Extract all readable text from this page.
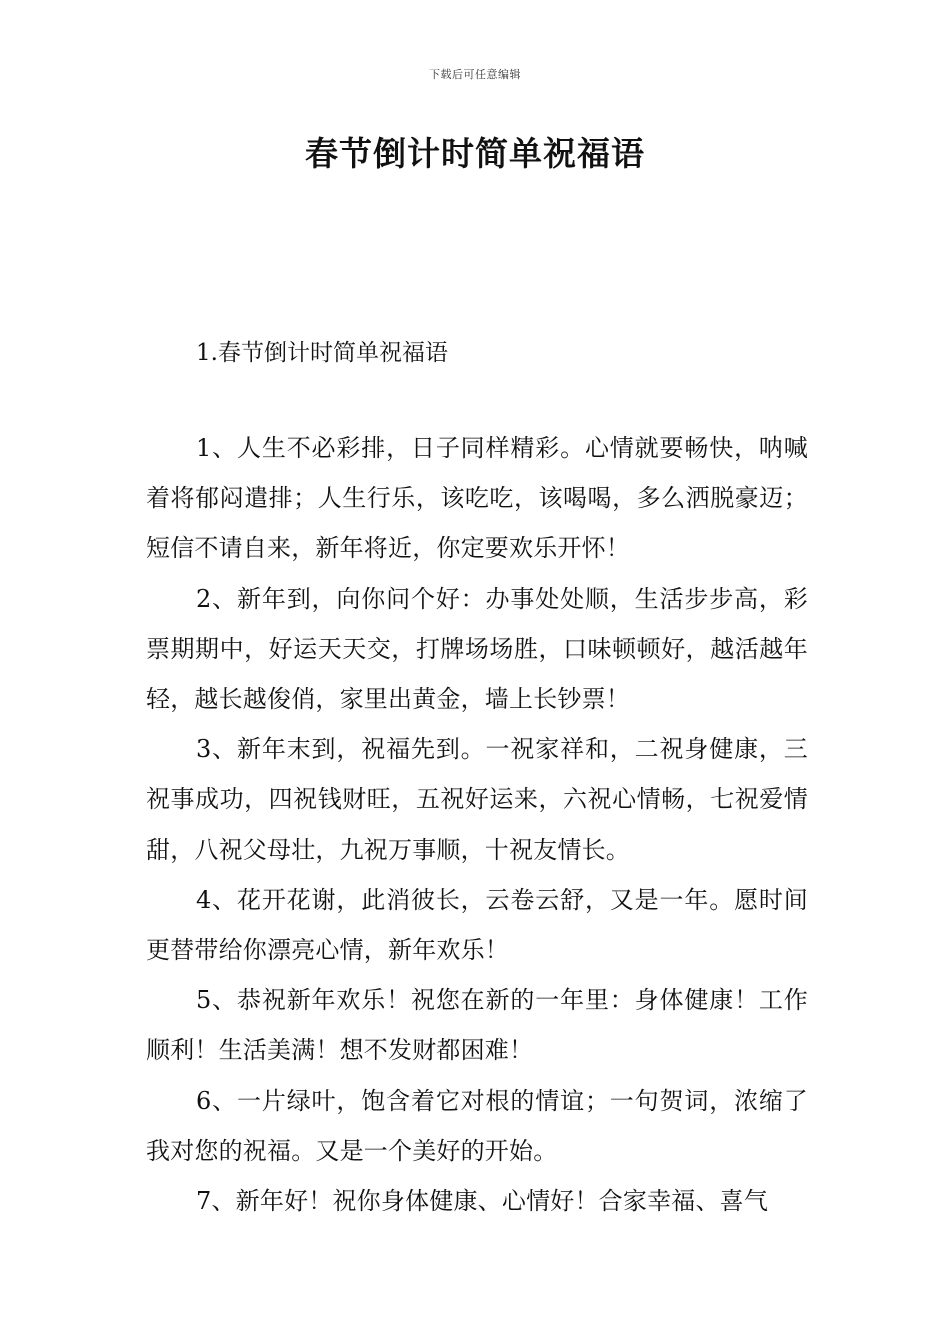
下载后可任意编辑
春节倒计时简单祝福语
1.春节倒计时简单祝福语

1、人生不必彩排，日子同样精彩。心情就要畅快，呐喊着将郁闷遣排；人生行乐，该吃吃，该喝喝，多么洒脱豪迈；短信不请自来，新年将近，你定要欢乐开怀！

2、新年到，向你问个好：办事处处顺，生活步步高，彩票期期中，好运天天交，打牌场场胜，口味顿顿好，越活越年轻，越长越俊俏，家里出黄金，墙上长钞票！

3、新年末到，祝福先到。一祝家祥和，二祝身健康，三祝事成功，四祝钱财旺，五祝好运来，六祝心情畅，七祝爱情甜，八祝父母壮，九祝万事顺，十祝友情长。

4、花开花谢，此消彼长，云卷云舒，又是一年。愿时间更替带给你漂亮心情，新年欢乐！

5、恭祝新年欢乐！祝您在新的一年里：身体健康！工作顺利！生活美满！想不发财都困难！

6、一片绿叶，饱含着它对根的情谊；一句贺词，浓缩了我对您的祝福。又是一个美好的开始。

7、新年好！祝你身体健康、心情好！合家幸福、喜气
